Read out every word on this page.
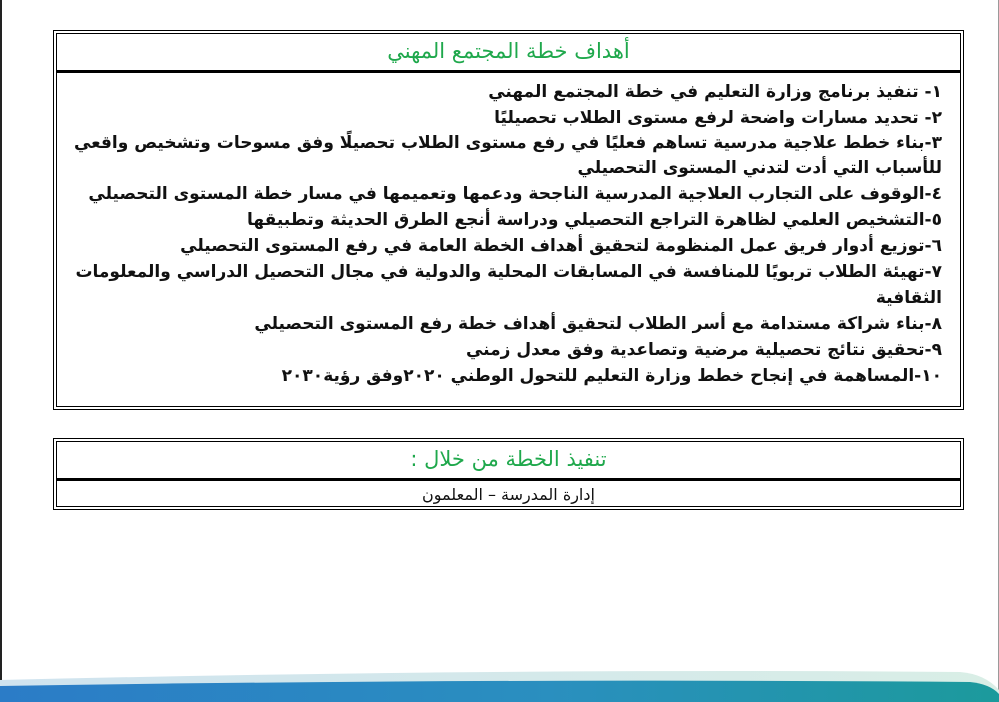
أهداف خطة المجتمع المهني
١- تنفيذ برنامج وزارة التعليم في خطة المجتمع المهني
٢- تحديد مسارات واضحة لرفع مستوى الطلاب تحصيليًا
٣-بناء خطط علاجية مدرسية تساهم فعليًا في رفع مستوى الطلاب تحصيلًا وفق مسوحات وتشخيص واقعي للأسباب التي أدت لتدني المستوى التحصيلي
٤-الوقوف على التجارب العلاجية المدرسية الناجحة ودعمها وتعميمها في مسار خطة المستوى التحصيلي
٥-التشخيص العلمي لظاهرة التراجع التحصيلي ودراسة أنجع الطرق الحديثة وتطبيقها
٦-توزيع أدوار فريق عمل المنظومة لتحقيق أهداف الخطة العامة في رفع المستوى التحصيلي
٧-تهيئة الطلاب تربويًا للمنافسة في المسابقات المحلية والدولية في مجال التحصيل الدراسي والمعلومات الثقافية
٨-بناء شراكة مستدامة مع أسر الطلاب لتحقيق أهداف خطة رفع المستوى التحصيلي
٩-تحقيق نتائج تحصيلية مرضية وتصاعدية وفق معدل زمني
١٠-المساهمة في إنجاح خطط وزارة التعليم للتحول الوطني ٢٠٢٠وفق رؤية٢٠٣٠
تنفيذ الخطة من خلال :
إدارة المدرسة – المعلمون
